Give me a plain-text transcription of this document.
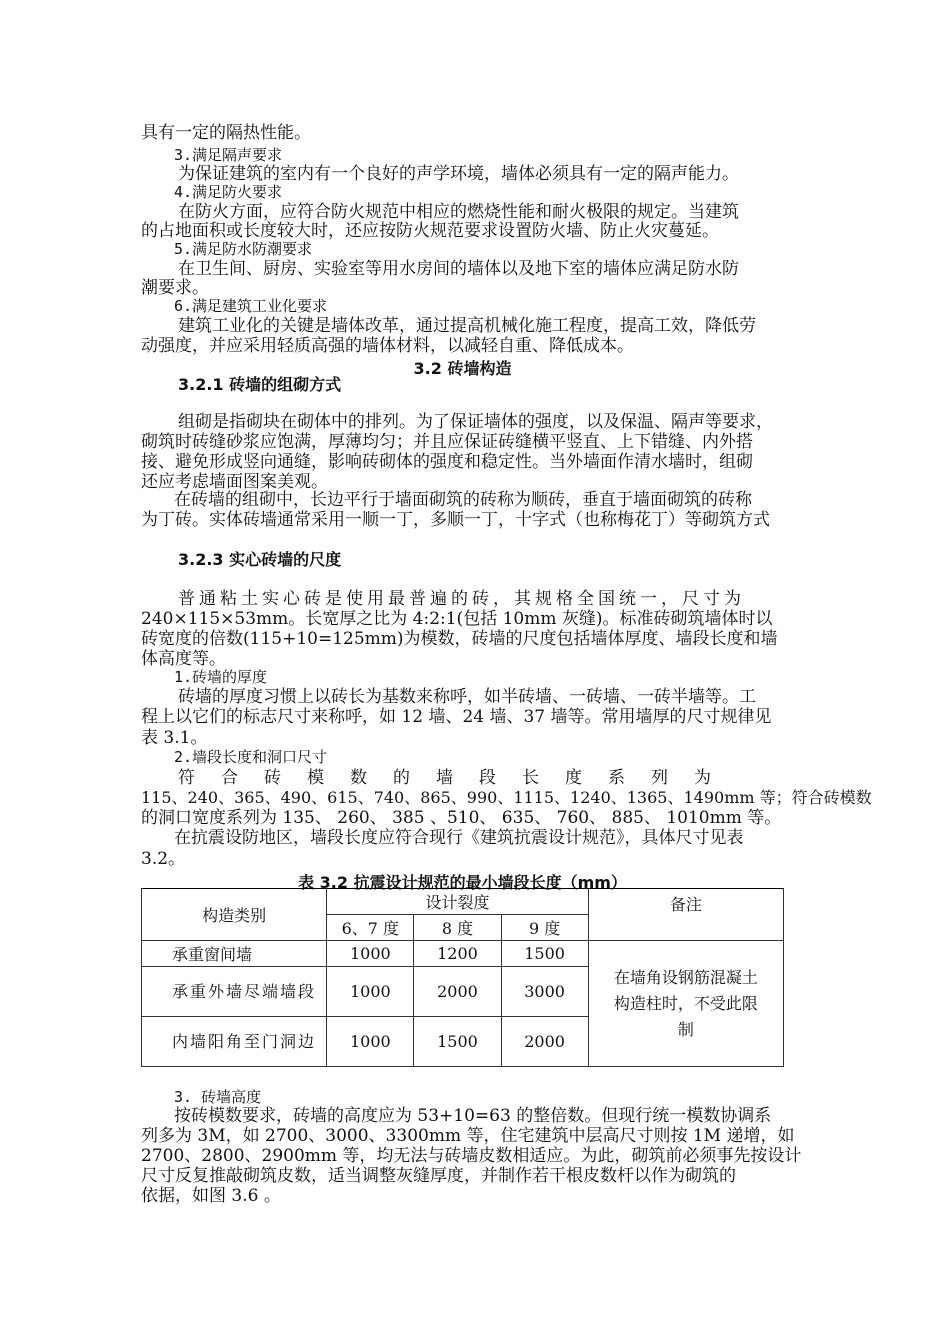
具有一定的隔热性能。
3.满足隔声要求
为保证建筑的室内有一个良好的声学环境，墙体必须具有一定的隔声能力。
4.满足防火要求
在防火方面，应符合防火规范中相应的燃烧性能和耐火极限的规定。当建筑
的占地面积或长度较大时，还应按防火规范要求设置防火墙、防止火灾蔓延。
5.满足防水防潮要求
在卫生间、厨房、实验室等用水房间的墙体以及地下室的墙体应满足防水防
潮要求。
6.满足建筑工业化要求
建筑工业化的关键是墙体改革，通过提高机械化施工程度，提高工效，降低劳
动强度，并应采用轻质高强的墙体材料，以减轻自重、降低成本。
3.2 砖墙构造
3.2.1 砖墙的组砌方式
组砌是指砌块在砌体中的排列。为了保证墙体的强度，以及保温、隔声等要求，
砌筑时砖缝砂浆应饱满，厚薄均匀；并且应保证砖缝横平竖直、上下错缝、内外搭
接、避免形成竖向通缝，影响砖砌体的强度和稳定性。当外墙面作清水墙时，组砌
还应考虑墙面图案美观。
在砖墙的组砌中，长边平行于墙面砌筑的砖称为顺砖，垂直于墙面砌筑的砖称
为丁砖。实体砖墙通常采用一顺一丁，多顺一丁，十字式（也称梅花丁）等砌筑方式
3.2.3 实心砖墙的尺度
普通粘土实心砖是使用最普遍的砖，其规格全国统一，尺寸为
240×115×53mm。长宽厚之比为 4:2:1(包括 10mm 灰缝)。标准砖砌筑墙体时以
砖宽度的倍数(115+10=125mm)为模数，砖墙的尺度包括墙体厚度、墙段长度和墙
体高度等。
1.砖墙的厚度
砖墙的厚度习惯上以砖长为基数来称呼，如半砖墙、一砖墙、一砖半墙等。工
程上以它们的标志尺寸来称呼，如 12 墙、24 墙、37 墙等。常用墙厚的尺寸规律见
表 3.1。
2.墙段长度和洞口尺寸
符合砖模数的墙段长度系列为
115、240、365、490、615、740、865、990、1115、1240、1365、1490mm 等；符合砖模数
的洞口宽度系列为 135、 260、 385 、510、 635、 760、 885、 1010mm 等。
在抗震设防地区，墙段长度应符合现行《建筑抗震设计规范》，具体尺寸见表
3.2。
表 3.2 抗震设计规范的最小墙段长度（mm）
构造类别	设计裂度			备注
	6、7 度	8 度	9 度	
承重窗间墙	1000	1200	1500	在墙角设钢筋混凝土构造柱时，不受此限制
承重外墙尽端墙段	1000	2000	3000	
内墙阳角至门洞边	1000	1500	2000	
3. 砖墙高度
按砖模数要求，砖墙的高度应为 53+10=63 的整倍数。但现行统一模数协调系
列多为 3M，如 2700、3000、3300mm 等，住宅建筑中层高尺寸则按 1M 递增，如
2700、2800、2900mm 等，均无法与砖墙皮数相适应。为此，砌筑前必须事先按设计
尺寸反复推敲砌筑皮数，适当调整灰缝厚度，并制作若干根皮数杆以作为砌筑的
依据，如图 3.6 。
